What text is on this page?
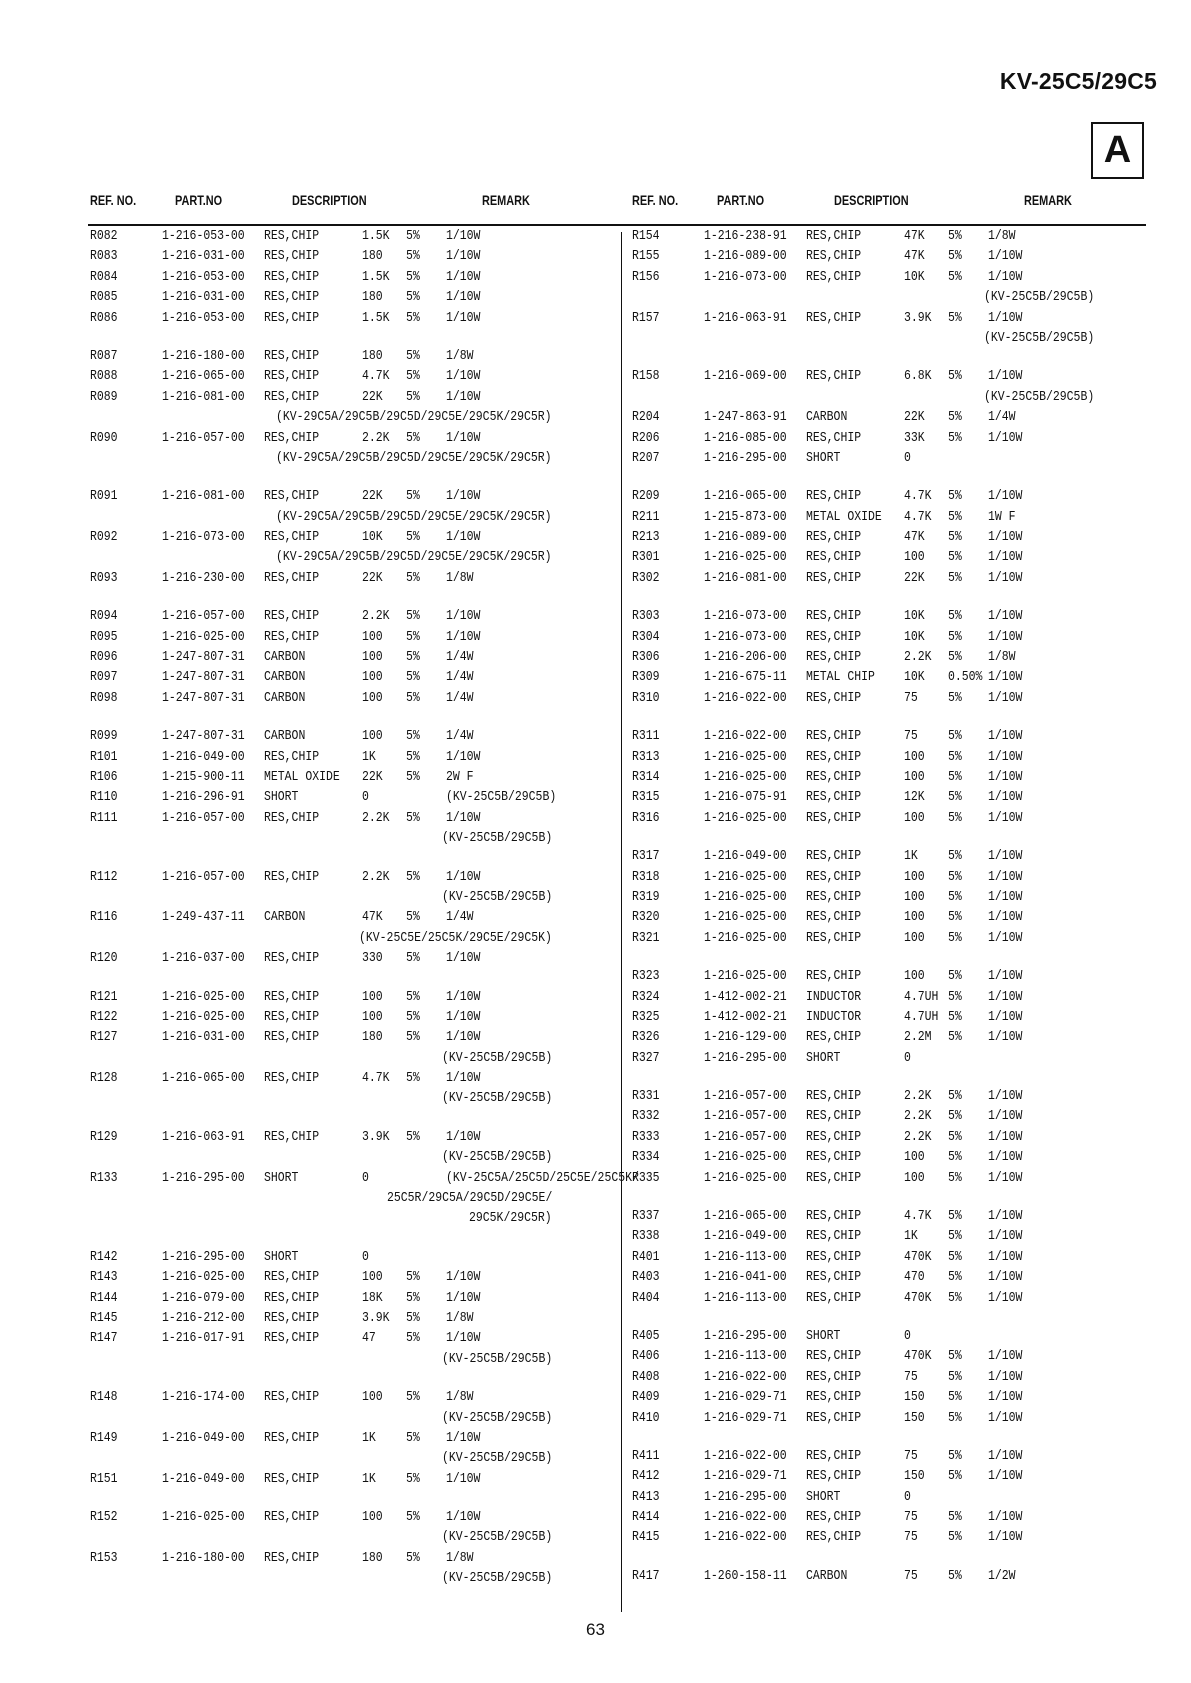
KV-25C5/29C5
A
REF. NO.	PART.NO	DESCRIPTION	REMARK
R082	1-216-053-00 RES,CHIP	1.5K 5% 1/10W
R083	1-216-031-00 RES,CHIP	180 5% 1/10W
R084	1-216-053-00 RES,CHIP	1.5K 5% 1/10W
R085	1-216-031-00 RES,CHIP	180 5% 1/10W
R086	1-216-053-00 RES,CHIP	1.5K 5% 1/10W
R087	1-216-180-00 RES,CHIP	180 5% 1/8W
R088	1-216-065-00 RES,CHIP	4.7K 5% 1/10W
R089	1-216-081-00 RES,CHIP	22K 5% 1/10W
(KV-29C5A/29C5B/29C5D/29C5E/29C5K/29C5R)
R090	1-216-057-00 RES,CHIP	2.2K 5% 1/10W
(KV-29C5A/29C5B/29C5D/29C5E/29C5K/29C5R)
R091	1-216-081-00 RES,CHIP	22K 5% 1/10W
(KV-29C5A/29C5B/29C5D/29C5E/29C5K/29C5R)
R092	1-216-073-00 RES,CHIP	10K 5% 1/10W
(KV-29C5A/29C5B/29C5D/29C5E/29C5K/29C5R)
R093	1-216-230-00 RES,CHIP	22K 5% 1/8W
R094	1-216-057-00 RES,CHIP	2.2K 5% 1/10W
R095	1-216-025-00 RES,CHIP	100 5% 1/10W
R096	1-247-807-31 CARBON	100 5% 1/4W
R097	1-247-807-31 CARBON	100 5% 1/4W
R098	1-247-807-31 CARBON	100 5% 1/4W
R099	1-247-807-31 CARBON	100 5% 1/4W
R101	1-216-049-00 RES,CHIP	1K 5% 1/10W
R106	1-215-900-11 METAL OXIDE 22K 5% 2W F
R110	1-216-296-91 SHORT	0	(KV-25C5B/29C5B)
R111	1-216-057-00 RES,CHIP	2.2K 5% 1/10W
(KV-25C5B/29C5B)
R112	1-216-057-00 RES,CHIP	2.2K 5% 1/10W
(KV-25C5B/29C5B)
R116	1-249-437-11 CARBON	47K 5% 1/4W
(KV-25C5E/25C5K/29C5E/29C5K)
R120	1-216-037-00 RES,CHIP	330 5% 1/10W
R121	1-216-025-00 RES,CHIP	100 5% 1/10W
R122	1-216-025-00 RES,CHIP	100 5% 1/10W
R127	1-216-031-00 RES,CHIP	180 5% 1/10W
(KV-25C5B/29C5B)
R128	1-216-065-00 RES,CHIP	4.7K 5% 1/10W
(KV-25C5B/29C5B)
R129	1-216-063-91 RES,CHIP	3.9K 5% 1/10W
(KV-25C5B/29C5B)
R133	1-216-295-00 SHORT	0	(KV-25C5A/25C5D/25C5E/25C5K/
25C5R/29C5A/29C5D/29C5E/
29C5K/29C5R)
R142	1-216-295-00 SHORT	0
R143	1-216-025-00 RES,CHIP	100 5% 1/10W
R144	1-216-079-00 RES,CHIP	18K 5% 1/10W
R145	1-216-212-00 RES,CHIP	3.9K 5% 1/8W
R147	1-216-017-91 RES,CHIP	47 5% 1/10W
(KV-25C5B/29C5B)
R148	1-216-174-00 RES,CHIP	100 5% 1/8W
(KV-25C5B/29C5B)
R149	1-216-049-00 RES,CHIP	1K 5% 1/10W
(KV-25C5B/29C5B)
R151	1-216-049-00 RES,CHIP	1K 5% 1/10W
R152	1-216-025-00 RES,CHIP	100 5% 1/10W
(KV-25C5B/29C5B)
R153	1-216-180-00 RES,CHIP	180 5% 1/8W
(KV-25C5B/29C5B)
REF. NO.	PART.NO	DESCRIPTION	REMARK
R154	1-216-238-91 RES,CHIP	47K 5% 1/8W
R155	1-216-089-00 RES,CHIP	47K 5% 1/10W
R156	1-216-073-00 RES,CHIP	10K 5% 1/10W
(KV-25C5B/29C5B)
R157	1-216-063-91 RES,CHIP	3.9K 5% 1/10W
(KV-25C5B/29C5B)
R158	1-216-069-00 RES,CHIP	6.8K 5% 1/10W
(KV-25C5B/29C5B)
R204	1-247-863-91 CARBON	22K 5% 1/4W
R206	1-216-085-00 RES,CHIP	33K 5% 1/10W
R207	1-216-295-00 SHORT	0
R209	1-216-065-00 RES,CHIP	4.7K 5% 1/10W
R211	1-215-873-00 METAL OXIDE 4.7K 5% 1W F
R213	1-216-089-00 RES,CHIP	47K 5% 1/10W
R301	1-216-025-00 RES,CHIP	100 5% 1/10W
R302	1-216-081-00 RES,CHIP	22K 5% 1/10W
R303	1-216-073-00 RES,CHIP	10K 5% 1/10W
R304	1-216-073-00 RES,CHIP	10K 5% 1/10W
R306	1-216-206-00 RES,CHIP	2.2K 5% 1/8W
R309	1-216-675-11 METAL CHIP 10K 0.50% 1/10W
R310	1-216-022-00 RES,CHIP	75 5% 1/10W
R311	1-216-022-00 RES,CHIP	75 5% 1/10W
R313	1-216-025-00 RES,CHIP	100 5% 1/10W
R314	1-216-025-00 RES,CHIP	100 5% 1/10W
R315	1-216-075-91 RES,CHIP	12K 5% 1/10W
R316	1-216-025-00 RES,CHIP	100 5% 1/10W
R317	1-216-049-00 RES,CHIP	1K 5% 1/10W
R318	1-216-025-00 RES,CHIP	100 5% 1/10W
R319	1-216-025-00 RES,CHIP	100 5% 1/10W
R320	1-216-025-00 RES,CHIP	100 5% 1/10W
R321	1-216-025-00 RES,CHIP	100 5% 1/10W
R323	1-216-025-00 RES,CHIP	100 5% 1/10W
R324	1-412-002-21 INDUCTOR	4.7UH 5% 1/10W
R325	1-412-002-21 INDUCTOR	4.7UH 5% 1/10W
R326	1-216-129-00 RES,CHIP	2.2M 5% 1/10W
R327	1-216-295-00 SHORT	0
R331	1-216-057-00 RES,CHIP	2.2K 5% 1/10W
R332	1-216-057-00 RES,CHIP	2.2K 5% 1/10W
R333	1-216-057-00 RES,CHIP	2.2K 5% 1/10W
R334	1-216-025-00 RES,CHIP	100 5% 1/10W
R335	1-216-025-00 RES,CHIP	100 5% 1/10W
R337	1-216-065-00 RES,CHIP	4.7K 5% 1/10W
R338	1-216-049-00 RES,CHIP	1K 5% 1/10W
R401	1-216-113-00 RES,CHIP	470K 5% 1/10W
R403	1-216-041-00 RES,CHIP	470 5% 1/10W
R404	1-216-113-00 RES,CHIP	470K 5% 1/10W
R405	1-216-295-00 SHORT	0
R406	1-216-113-00 RES,CHIP	470K 5% 1/10W
R408	1-216-022-00 RES,CHIP	75 5% 1/10W
R409	1-216-029-71 RES,CHIP	150 5% 1/10W
R410	1-216-029-71 RES,CHIP	150 5% 1/10W
R411	1-216-022-00 RES,CHIP	75 5% 1/10W
R412	1-216-029-71 RES,CHIP	150 5% 1/10W
R413	1-216-295-00 SHORT	0
R414	1-216-022-00 RES,CHIP	75 5% 1/10W
R415	1-216-022-00 RES,CHIP	75 5% 1/10W
R417	1-260-158-11 CARBON	75 5% 1/2W
63
